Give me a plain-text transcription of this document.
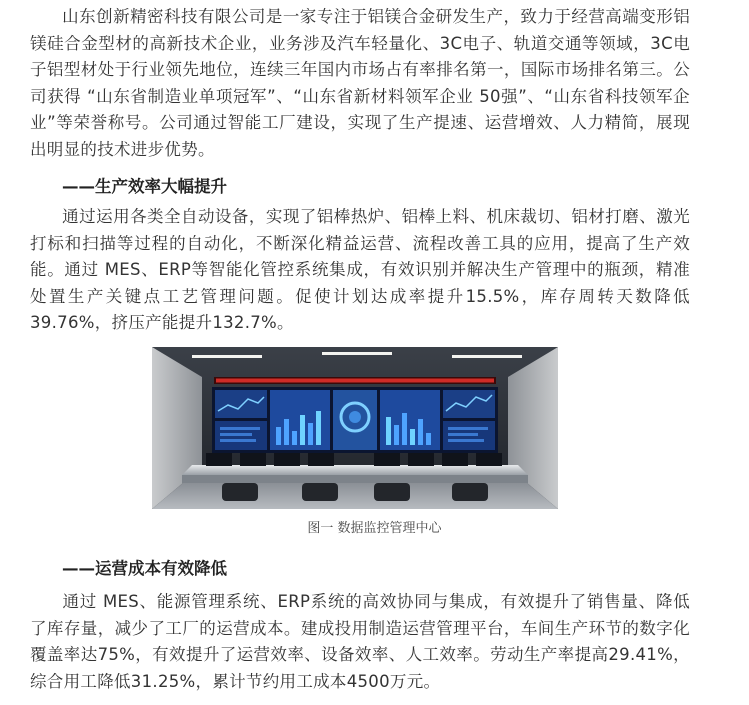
山东创新精密科技有限公司是一家专注于铝镁合金研发生产，致力于经营高端变形铝镁硅合金型材的高新技术企业，业务涉及汽车轻量化、3C电子、轨道交通等领域，3C电子铝型材处于行业领先地位，连续三年国内市场占有率排名第一，国际市场排名第三。公司获得 “山东省制造业单项冠军”、“山东省新材料领军企业 50强”、“山东省科技领军企业”等荣誉称号。公司通过智能工厂建设，实现了生产提速、运营增效、人力精简，展现出明显的技术进步优势。

——生产效率大幅提升

通过运用各类全自动设备，实现了铝棒热炉、铝棒上料、机床裁切、铝材打磨、激光打标和扫描等过程的自动化，不断深化精益运营、流程改善工具的应用，提高了生产效能。通过 MES、ERP等智能化管控系统集成，有效识别并解决生产管理中的瓶颈，精准处置生产关键点工艺管理问题。促使计划达成率提升15.5%，库存周转天数降低39.76%，挤压产能提升132.7%。

图一 数据监控管理中心
——运营成本有效降低

通过 MES、能源管理系统、ERP系统的高效协同与集成，有效提升了销售量、降低了库存量，减少了工厂的运营成本。建成投用制造运营管理平台，车间生产环节的数字化覆盖率达75%，有效提升了运营效率、设备效率、人工效率。劳动生产率提高29.41%，综合用工降低31.25%，累计节约用工成本4500万元。
